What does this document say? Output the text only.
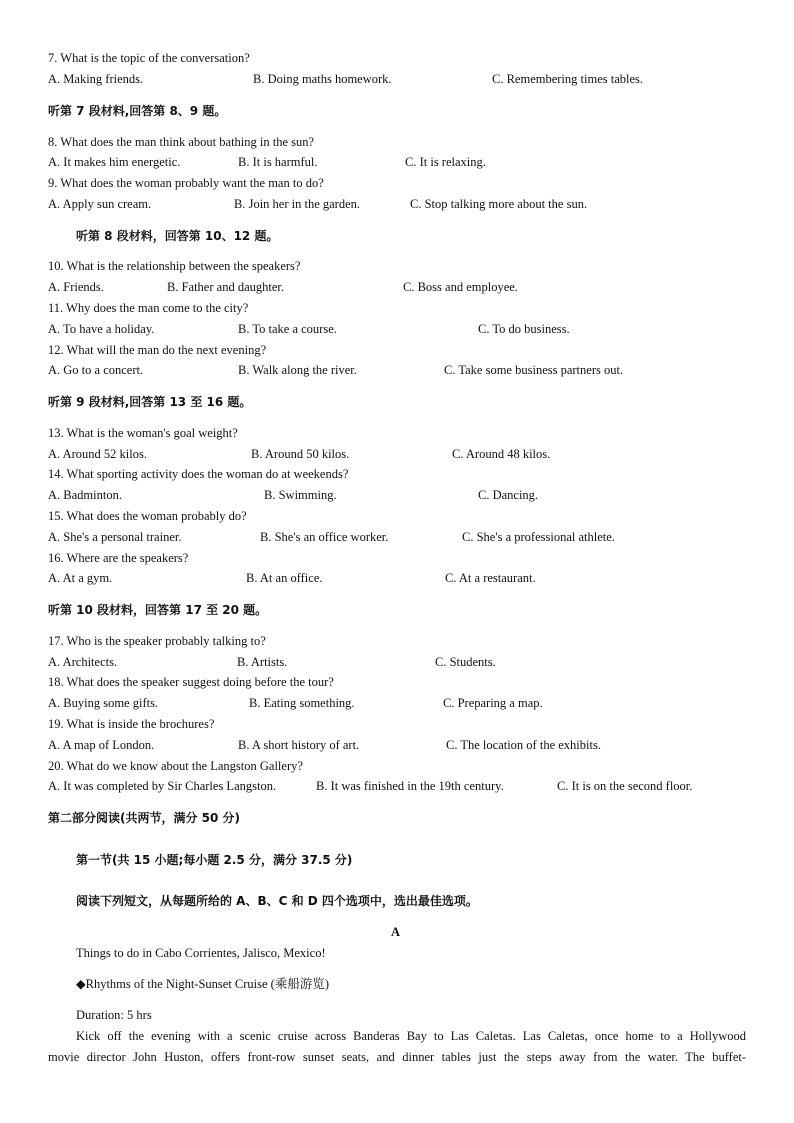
7. What is the topic of the conversation?
A. Making friends.	B. Doing maths homework.	C. Remembering times tables.
听第 7 段材料,回答第 8、9 题。
8. What does the man think about bathing in the sun?
A. It makes him energetic.	B. It is harmful.	C. It is relaxing.
9. What does the woman probably want the man to do?
A. Apply sun cream.	B. Join her in the garden.	C. Stop talking more about the sun.
听第 8 段材料，回答第 10、12 题。
10. What is the relationship between the speakers?
A. Friends.	B. Father and daughter.	C. Boss and employee.
11. Why does the man come to the city?
A. To have a holiday.	B. To take a course.	C. To do business.
12. What will the man do the next evening?
A. Go to a concert.	B. Walk along the river.	C. Take some business partners out.
听第 9 段材料,回答第 13 至 16 题。
13. What is the woman's goal weight?
A. Around 52 kilos.	B. Around 50 kilos.	C. Around 48 kilos.
14. What sporting activity does the woman do at weekends?
A. Badminton.	B. Swimming.	C. Dancing.
15. What does the woman probably do?
A. She's a personal trainer.	B. She's an office worker.	C. She's a professional athlete.
16. Where are the speakers?
A. At a gym.	B. At an office.	C. At a restaurant.
听第 10 段材料，回答第 17 至 20 题。
17. Who is the speaker probably talking to?
A. Architects.	B. Artists.	C. Students.
18. What does the speaker suggest doing before the tour?
A. Buying some gifts.	B. Eating something.	C. Preparing a map.
19. What is inside the brochures?
A. A map of London.	B. A short history of art.	C. The location of the exhibits.
20. What do we know about the Langston Gallery?
A. It was completed by Sir Charles Langston.	B. It was finished in the 19th century.	C. It is on the second floor.
第二部分阅读(共两节，满分 50 分)
第一节(共 15 小题;每小题 2.5 分，满分 37.5 分)
阅读下列短文，从每题所给的 A、B、C 和 D 四个选项中，选出最佳选项。
A
Things to do in Cabo Corrientes, Jalisco, Mexico!
◆Rhythms of the Night-Sunset Cruise (乘船游览)
Duration: 5 hrs
Kick off the evening with a scenic cruise across Banderas Bay to Las Caletas. Las Caletas, once home to a Hollywood
movie director John Huston, offers front-row sunset seats, and dinner tables just the steps away from the water. The buffet-
